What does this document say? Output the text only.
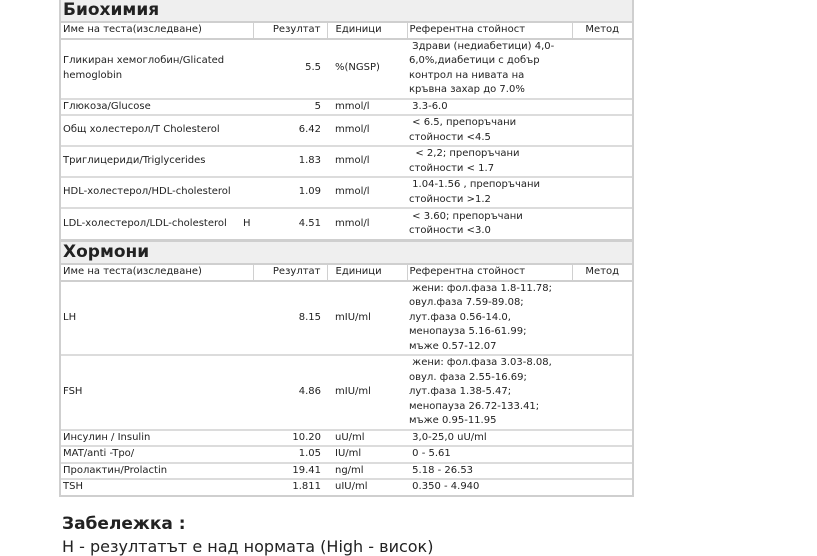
Биохимия
Име на теста(изследване)		Резултат	Единици	Референтна стойност	Метод
Гликиран хемоглобин/Glicated hemoglobin		5.5	%(NGSP)	Здрави (недиабетици) 4,0-
6,0%,диабетици с добър
контрол на нивата на
кръвна захар до 7.0%	

Глюкоза/Glucose		5	mmol/l	3.3-6.0	

Общ холестерол/T Cholesterol		6.42	mmol/l	< 6.5, препоръчани
стойности <4.5	

Триглицериди/Triglycerides		1.83	mmol/l	< 2,2; препоръчани
стойности < 1.7	

HDL-холестерол/HDL-cholesterol		1.09	mmol/l	1.04-1.56 , препоръчани
стойности >1.2	

LDL-холестерол/LDL-cholesterol	H	4.51	mmol/l	< 3.60; препоръчани
стойности <3.0	

Хормони
Име на теста(изследване)		Резултат	Единици	Референтна стойност	Метод
LH		8.15	mIU/ml	жени: фол.фаза 1.8-11.78;
овул.фаза 7.59-89.08;
лут.фаза 0.56-14.0,
менопауза 5.16-61.99;
мъже 0.57-12.07	

FSH		4.86	mIU/ml	жени: фол.фаза 3.03-8.08,
овул. фаза 2.55-16.69;
лут.фаза 1.38-5.47;
менопауза 26.72-133.41;
мъже 0.95-11.95	

Инсулин / Insulin		10.20	uU/ml	3,0-25,0 uU/ml	

MAT/anti -Tpo/		1.05	IU/ml	0 - 5.61	

Пролактин/Prolactin		19.41	ng/ml	5.18 - 26.53	

TSH		1.811	uIU/ml	0.350 - 4.940	

Забележка :
H - резултатът е над нормата (High - висок)
